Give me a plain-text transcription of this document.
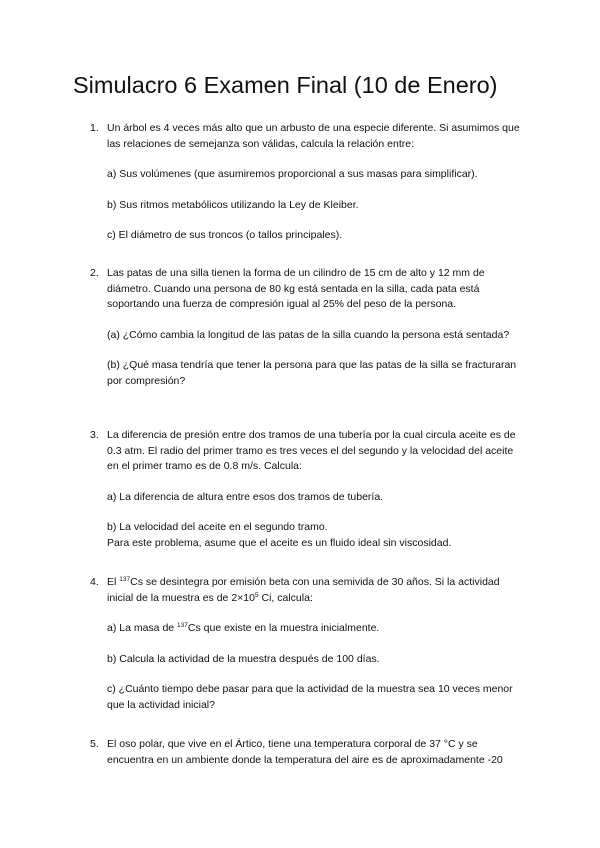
Simulacro 6 Examen Final (10 de Enero)
1. Un árbol es 4 veces más alto que un arbusto de una especie diferente. Si asumimos que las relaciones de semejanza son válidas, calcula la relación entre:

a) Sus volúmenes (que asumiremos proporcional a sus masas para simplificar).

b) Sus ritmos metabólicos utilizando la Ley de Kleiber.

c) El diámetro de sus troncos (o tallos principales).

2. Las patas de una silla tienen la forma de un cilindro de 15 cm de alto y 12 mm de diámetro. Cuando una persona de 80 kg está sentada en la silla, cada pata está soportando una fuerza de compresión igual al 25% del peso de la persona.

(a) ¿Cómo cambia la longitud de las patas de la silla cuando la persona está sentada?

(b) ¿Qué masa tendría que tener la persona para que las patas de la silla se fracturaran por compresión?

3. La diferencia de presión entre dos tramos de una tubería por la cual circula aceite es de 0.3 atm. El radio del primer tramo es tres veces el del segundo y la velocidad del aceite en el primer tramo es de 0.8 m/s. Calcula:

a) La diferencia de altura entre esos dos tramos de tubería.

b) La velocidad del aceite en el segundo tramo.

Para este problema, asume que el aceite es un fluido ideal sin viscosidad.

4. El $^{137}$Cs se desintegra por emisión beta con una semivida de 30 años. Si la actividad inicial de la muestra es de $2\times 10^5$ Ci, calcula:

a) La masa de $^{137}$Cs que existe en la muestra inicialmente.

b) Calcula la actividad de la muestra después de 100 días.

c) ¿Cuánto tiempo debe pasar para que la actividad de la muestra sea 10 veces menor que la actividad inicial?

5. El oso polar, que vive en el Ártico, tiene una temperatura corporal de 37 °C y se encuentra en un ambiente donde la temperatura del aire es de aproximadamente -20
